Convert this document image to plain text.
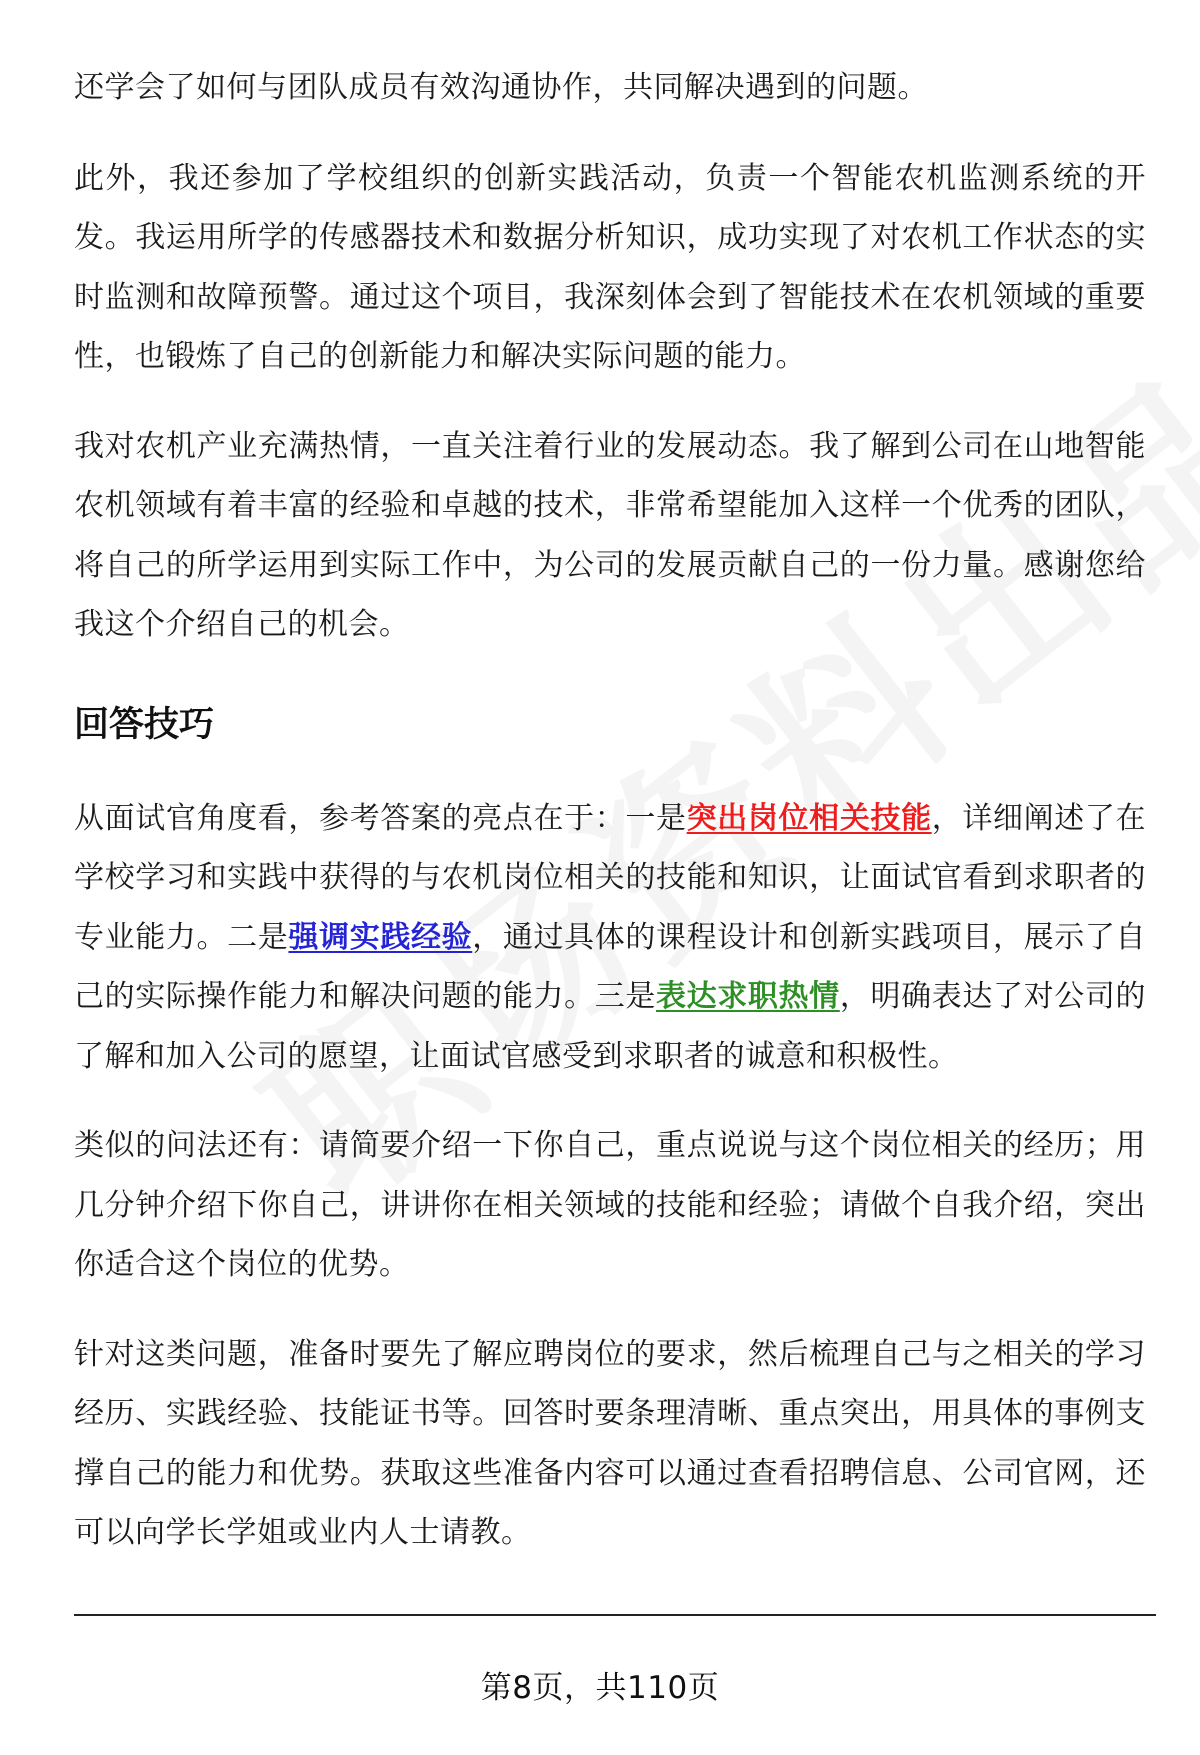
还学会了如何与团队成员有效沟通协作，共同解决遇到的问题。

此外，我还参加了学校组织的创新实践活动，负责一个智能农机监测系统的开发。我运用所学的传感器技术和数据分析知识，成功实现了对农机工作状态的实时监测和故障预警。通过这个项目，我深刻体会到了智能技术在农机领域的重要性，也锻炼了自己的创新能力和解决实际问题的能力。

我对农机产业充满热情，一直关注着行业的发展动态。我了解到公司在山地智能农机领域有着丰富的经验和卓越的技术，非常希望能加入这样一个优秀的团队，将自己的所学运用到实际工作中，为公司的发展贡献自己的一份力量。感谢您给我这个介绍自己的机会。

回答技巧

从面试官角度看，参考答案的亮点在于：一是突出岗位相关技能，详细阐述了在学校学习和实践中获得的与农机岗位相关的技能和知识，让面试官看到求职者的专业能力。二是强调实践经验，通过具体的课程设计和创新实践项目，展示了自己的实际操作能力和解决问题的能力。三是表达求职热情，明确表达了对公司的了解和加入公司的愿望，让面试官感受到求职者的诚意和积极性。

类似的问法还有：请简要介绍一下你自己，重点说说与这个岗位相关的经历；用几分钟介绍下你自己，讲讲你在相关领域的技能和经验；请做个自我介绍，突出你适合这个岗位的优势。

针对这类问题，准备时要先了解应聘岗位的要求，然后梳理自己与之相关的学习经历、实践经验、技能证书等。回答时要条理清晰、重点突出，用具体的事例支撑自己的能力和优势。获取这些准备内容可以通过查看招聘信息、公司官网，还可以向学长学姐或业内人士请教。

第8页，共110页
